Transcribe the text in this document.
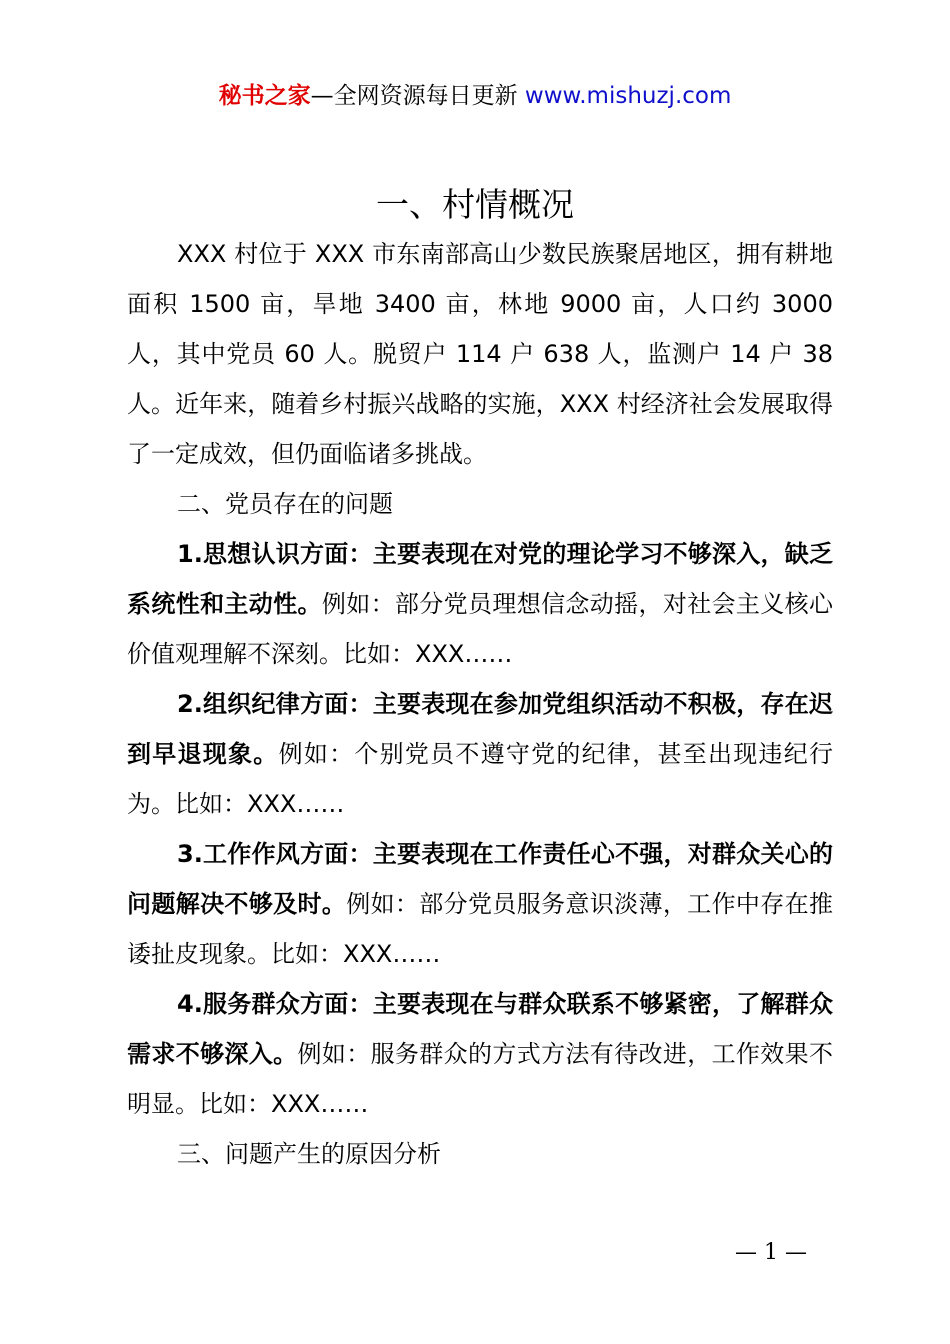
秘书之家—全网资源每日更新 www.mishuzj.com
一、村情概况

XXX 村位于 XXX 市东南部高山少数民族聚居地区，拥有耕地面积 1500 亩，旱地 3400 亩，林地 9000 亩，人口约 3000 人，其中党员 60 人。脱贸户 114 户 638 人，监测户 14 户 38 人。近年来，随着乡村振兴战略的实施，XXX 村经济社会发展取得了一定成效，但仍面临诸多挑战。

二、党员存在的问题

1.思想认识方面：主要表现在对党的理论学习不够深入，缺乏系统性和主动性。例如：部分党员理想信念动摇，对社会主义核心价值观理解不深刻。比如：XXX……

2.组织纪律方面：主要表现在参加党组织活动不积极，存在迟到早退现象。例如：个别党员不遵守党的纪律，甚至出现违纪行为。比如：XXX……

3.工作作风方面：主要表现在工作责任心不强，对群众关心的问题解决不够及时。例如：部分党员服务意识淡薄，工作中存在推诿扯皮现象。比如：XXX……

4.服务群众方面：主要表现在与群众联系不够紧密，了解群众需求不够深入。例如：服务群众的方式方法有待改进，工作效果不明显。比如：XXX……

三、问题产生的原因分析

— 1 —
